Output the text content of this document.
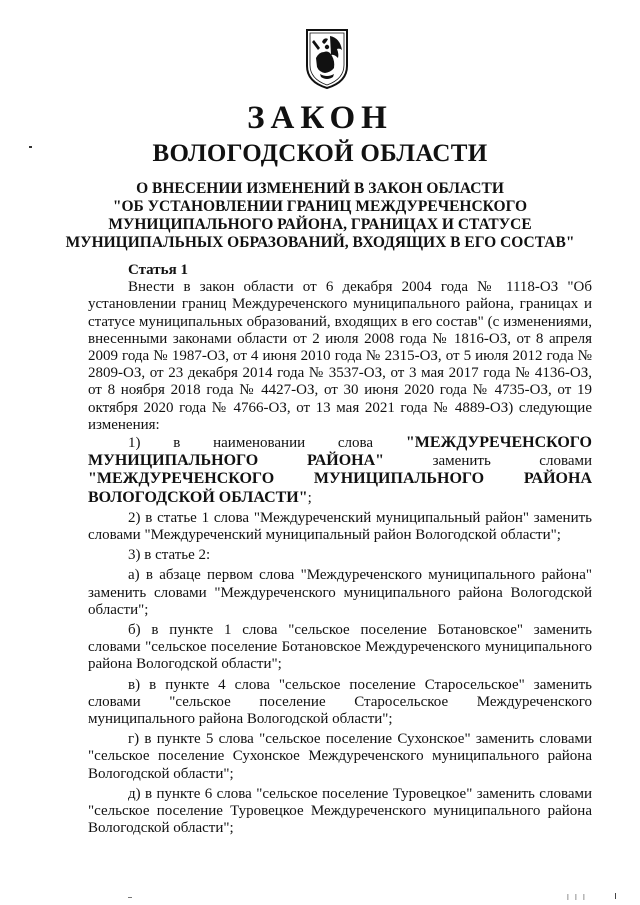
ЗАКОН
ВОЛОГОДСКОЙ ОБЛАСТИ
О ВНЕСЕНИИ ИЗМЕНЕНИЙ В ЗАКОН ОБЛАСТИ
"ОБ УСТАНОВЛЕНИИ ГРАНИЦ МЕЖДУРЕЧЕНСКОГО
МУНИЦИПАЛЬНОГО РАЙОНА, ГРАНИЦАХ И СТАТУСЕ
МУНИЦИПАЛЬНЫХ ОБРАЗОВАНИЙ, ВХОДЯЩИХ В ЕГО СОСТАВ"

Статья 1

Внести в закон области от 6 декабря 2004 года № 1118-ОЗ "Об установлении границ Междуреченского муниципального района, границах и статусе муниципальных образований, входящих в его состав" (с изменениями, внесенными законами области от 2 июля 2008 года № 1816-ОЗ, от 8 апреля 2009 года № 1987-ОЗ, от 4 июня 2010 года № 2315-ОЗ, от 5 июля 2012 года № 2809-ОЗ, от 23 декабря 2014 года № 3537-ОЗ, от 3 мая 2017 года № 4136-ОЗ, от 8 ноября 2018 года № 4427-ОЗ, от 30 июня 2020 года № 4735-ОЗ, от 19 октября 2020 года № 4766-ОЗ, от 13 мая 2021 года № 4889-ОЗ) следующие изменения:

1) в наименовании слова "МЕЖДУРЕЧЕНСКОГО МУНИЦИПАЛЬНОГО РАЙОНА" заменить словами "МЕЖДУРЕЧЕНСКОГО МУНИЦИПАЛЬНОГО РАЙОНА ВОЛОГОДСКОЙ ОБЛАСТИ";

2) в статье 1 слова "Междуреченский муниципальный район" заменить словами "Междуреченский муниципальный район Вологодской области";

3) в статье 2:

а) в абзаце первом слова "Междуреченского муниципального района" заменить словами "Междуреченского муниципального района Вологодской области";

б) в пункте 1 слова "сельское поселение Ботановское" заменить словами "сельское поселение Ботановское Междуреченского муниципального района Вологодской области";

в) в пункте 4 слова "сельское поселение Старосельское" заменить словами "сельское поселение Старосельское Междуреченского муниципального района Вологодской области";

г) в пункте 5 слова "сельское поселение Сухонское" заменить словами "сельское поселение Сухонское Междуреченского муниципального района Вологодской области";

д) в пункте 6 слова "сельское поселение Туровецкое" заменить словами "сельское поселение Туровецкое Междуреченского муниципального района Вологодской области";

l l l
